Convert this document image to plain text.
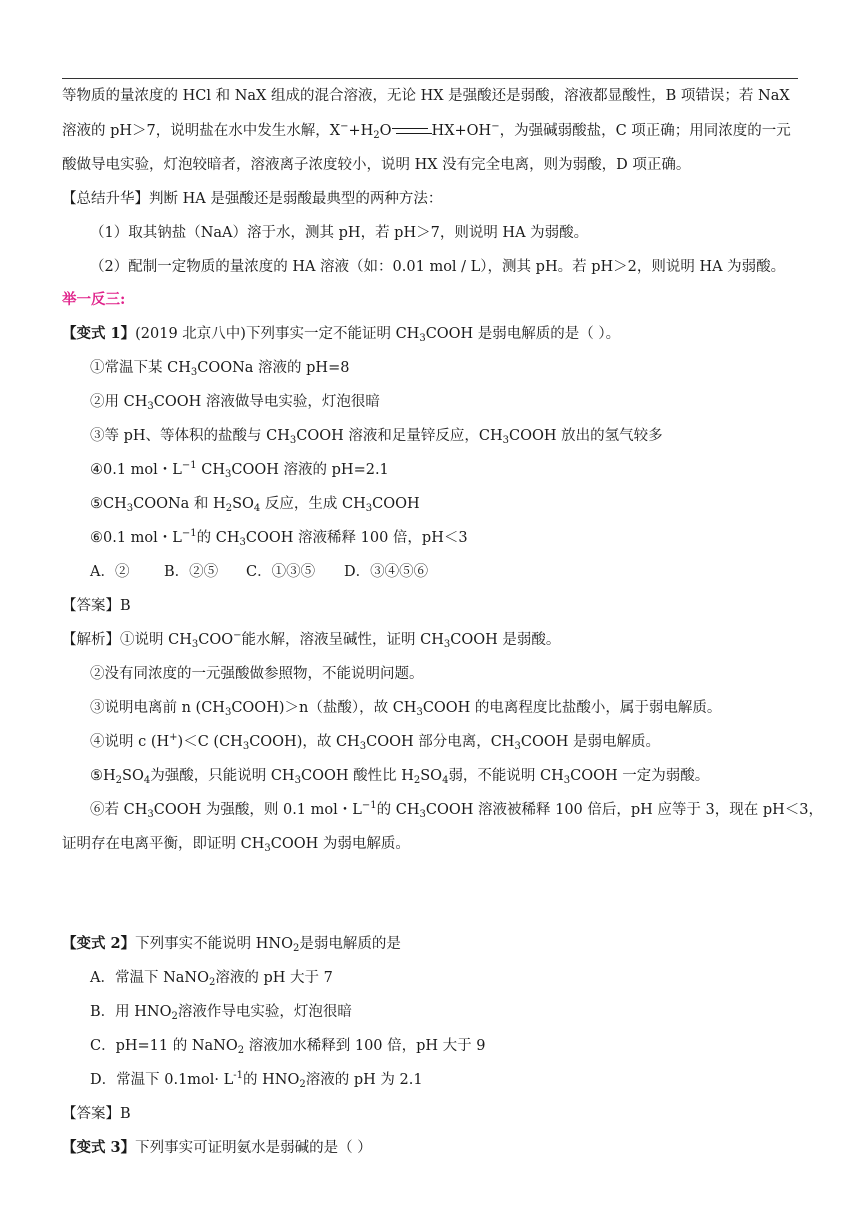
等物质的量浓度的 HCl 和 NaX 组成的混合溶液，无论 HX 是强酸还是弱酸，溶液都显酸性，B 项错误；若 NaX
溶液的 pH＞7，说明盐在水中发生水解，$X^-+H_2O$	HX+OH−，为强碱弱酸盐，C 项正确；用同浓度的一元
酸做导电实验，灯泡较暗者，溶液离子浓度较小，说明 HX 没有完全电离，则为弱酸，D 项正确。
【总结升华】判断 HA 是强酸还是弱酸最典型的两种方法：
（1）取其钠盐（NaA）溶于水，测其 pH，若 pH＞7，则说明 HA 为弱酸。
（2）配制一定物质的量浓度的 HA 溶液（如：0.01 mol / L），测其 pH。若 pH＞2，则说明 HA 为弱酸。
举一反三:
【变式 1】(2019 北京八中)下列事实一定不能证明 $CH_3COOH$ 是弱电解质的是（ ）。
①常温下某 $CH_3COONa$ 溶液的 pH=8
②用 $CH_3COOH$ 溶液做导电实验，灯泡很暗
③等 pH、等体积的盐酸与 $CH_3COOH$ 溶液和足量锌反应，$CH_3COOH$ 放出的氢气较多
④0.1 mol・$L^{-1}$ $CH_3COOH$ 溶液的 pH=2.1
$⑤CH_3COONa$ 和 $H_2SO_4$ 反应，生成 $CH_3COOH$
⑥0.1 mol・$L^{-1}$的 $CH_3COOH$ 溶液稀释 100 倍，pH＜3
A．② B．②⑤ C．①③⑤ D．③④⑤⑥
【答案】B
【解析】①说明 $CH_3COO^-$能水解，溶液呈碱性，证明 $CH_3COOH$ 是弱酸。
②没有同浓度的一元强酸做参照物，不能说明问题。
③说明电离前 n $(CH_3COOH)>n$（盐酸），故 $CH_3COOH$ 的电离程度比盐酸小，属于弱电解质。
④说明 c (H+)＜C $(CH_3COOH)$，故 $CH_3COOH$ 部分电离，$CH_3COOH$ 是弱电解质。
$⑤H_2SO_4$为强酸，只能说明 $CH_3COOH$ 酸性比 $H_2SO_4$弱，不能说明 $CH_3COOH$ 一定为弱酸。
⑥若 $CH_3COOH$ 为强酸，则 0.1 mol・$L^{-1}$的 $CH_3COOH$ 溶液被稀释 100 倍后，pH 应等于 3，现在 pH＜3，
证明存在电离平衡，即证明 $CH_3COOH$ 为弱电解质。
【变式 2】下列事实不能说明 $HNO_2$是弱电解质的是
A．常温下 NaNO$_2$溶液的 pH 大于 7
B．用 $HNO_2$溶液作导电实验，灯泡很暗
C．pH=11 的 NaNO$_2$ 溶液加水稀释到 100 倍，pH 大于 9
D．常温下 $0.1mol\cdot L^{-1}$的 $HNO_2$溶液的 pH 为 2.1
【答案】B
【变式 3】下列事实可证明氨水是弱碱的是（ ）
